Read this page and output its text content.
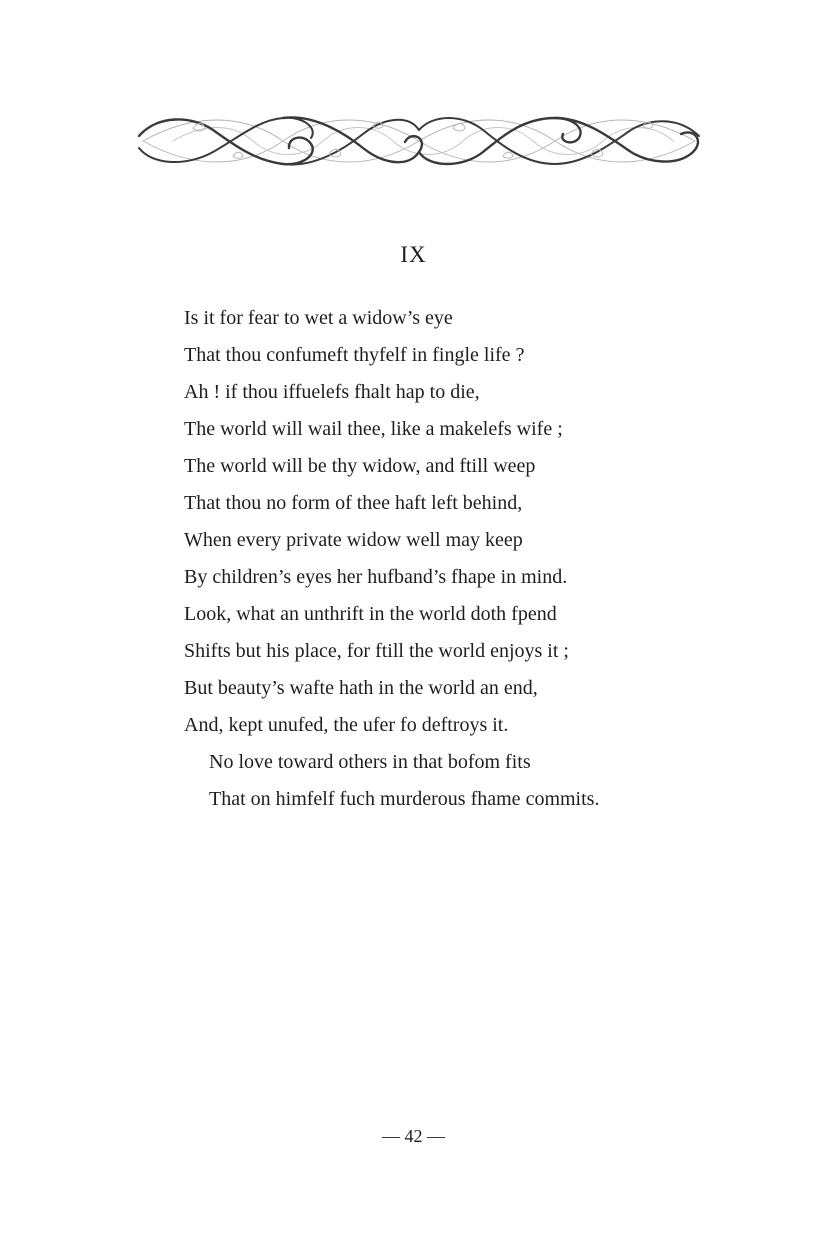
IX
Is it for fear to wet a widow’s eye
That thou confumeft thyfelf in fingle life ?
Ah ! if thou iffuelefs fhalt hap to die,
The world will wail thee, like a makelefs wife ;
The world will be thy widow, and ftill weep
That thou no form of thee haft left behind,
When every private widow well may keep
By children’s eyes her hufband’s fhape in mind.
Look, what an unthrift in the world doth fpend
Shifts but his place, for ftill the world enjoys it ;
But beauty’s wafte hath in the world an end,
And, kept unufed, the ufer fo deftroys it.
No love toward others in that bofom fits
That on himfelf fuch murderous fhame commits.
— 42 —
